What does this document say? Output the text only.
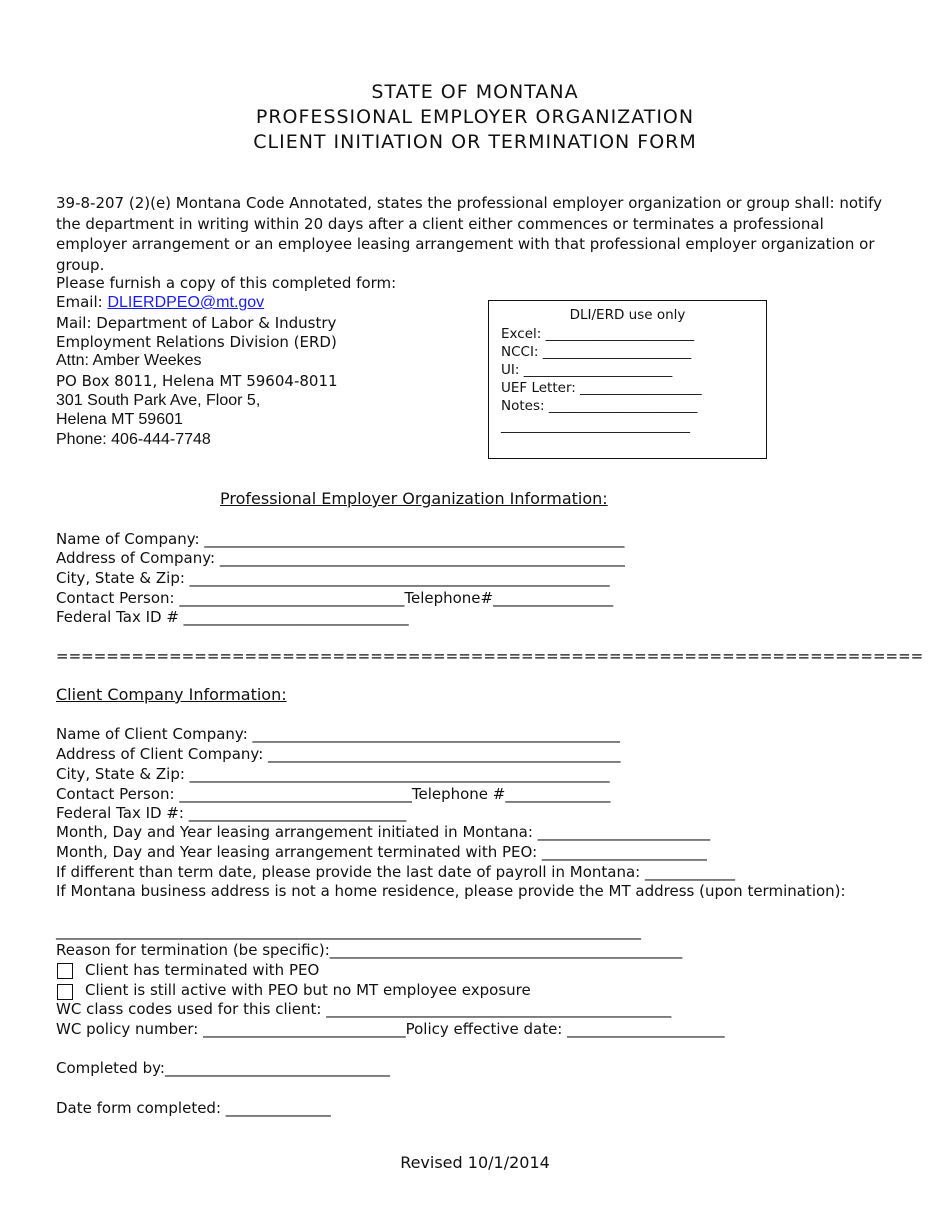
STATE OF MONTANA
PROFESSIONAL EMPLOYER ORGANIZATION
CLIENT INITIATION OR TERMINATION FORM
39-8-207 (2)(e) Montana Code Annotated, states the professional employer organization or group shall: notify the department in writing within 20 days after a client either commences or terminates a professional employer arrangement or an employee leasing arrangement with that professional employer organization or group.
Please furnish a copy of this completed form:
Email: DLIERDPEO@mt.gov
Mail: Department of Labor & Industry
Employment Relations Division (ERD)
Attn: Amber Weekes
PO Box 8011, Helena MT 59604-8011
301 South Park Ave, Floor 5,
Helena MT 59601
Phone: 406-444-7748
DLI/ERD use only
Excel: ______________________
NCCI: ______________________
UI: ______________________
UEF Letter: __________________
Notes: ______________________
____________________________
Professional Employer Organization Information:
Name of Company: ________________________________________________________
Address of Company: ______________________________________________________
City, State & Zip: ________________________________________________________
Contact Person: ______________________________Telephone#________________
Federal Tax ID # ______________________________
=====================================================================
Client Company Information:
Name of Client Company: _________________________________________________
Address of Client Company: _______________________________________________
City, State & Zip: ________________________________________________________
Contact Person: _______________________________Telephone #______________
Federal Tax ID #: _____________________________
Month, Day and Year leasing arrangement initiated in Montana: _______________________
Month, Day and Year leasing arrangement terminated with PEO: ______________________
If different than term date, please provide the last date of payroll in Montana: ____________
If Montana business address is not a home residence, please provide the MT address (upon termination):
______________________________________________________________________________
Reason for termination (be specific):_______________________________________________
Client has terminated with PEO
Client is still active with PEO but no MT employee exposure
WC class codes used for this client: ______________________________________________
WC policy number: ___________________________Policy effective date: _____________________
Completed by:______________________________
Date form completed: ______________
Revised 10/1/2014
